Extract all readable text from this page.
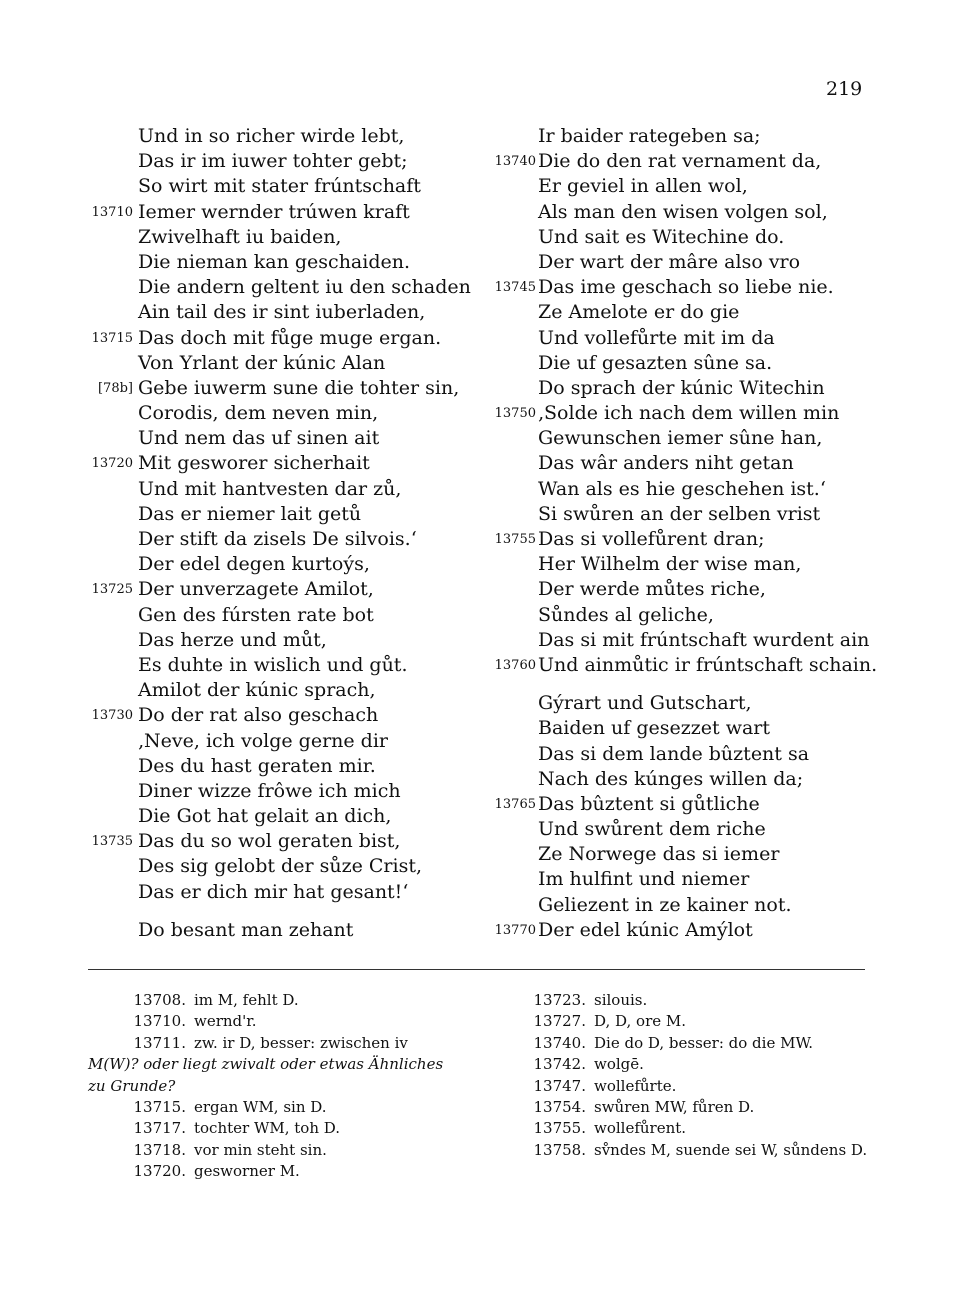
219
Und in so richer wirde lebt,
Das ir im iuwer tohter gebt;
So wirt mit stater frúntschaft
13710 Iemer wernder trúwen kraft
Zwivelhaft iu baiden,
Die nieman kan geschaiden.
Die andern geltent iu den schaden
Ain tail des ir sint iuberladen,
13715 Das doch mit fůge muge ergan.
Von Yrlant der kúnic Alan
[78b] Gebe iuwerm sune die tohter sin,
Corodis, dem neven min,
Und nem das uf sinen ait
13720 Mit gesworer sicherhait
Und mit hantvesten dar zů,
Das er niemer lait getů
Der stift da zisels De silvois.‘
Der edel degen kurtoýs,
13725 Der unverzagete Amilot,
Gen des fúrsten rate bot
Das herze und můt,
Es duhte in wislich und gůt.
Amilot der kúnic sprach,
13730 Do der rat also geschach
‚Neve, ich volge gerne dir
Des du hast geraten mir.
Diner wizze frôwe ich mich
Die Got hat gelait an dich,
13735 Das du so wol geraten bist,
Des sig gelobt der sůze Crist,
Das er dich mir hat gesant!‘
Do besant man zehant
Ir baider rategeben sa;
13740 Die do den rat vernament da,
Er geviel in allen wol,
Als man den wisen volgen sol,
Und sait es Witechine do.
Der wart der mâre also vro
13745 Das ime geschach so liebe nie.
Ze Amelote er do gie
Und vollefůrte mit im da
Die uf gesazten sûne sa.
Do sprach der kúnic Witechin
13750 ‚Solde ich nach dem willen min
Gewunschen iemer sûne han,
Das wâr anders niht getan
Wan als es hie geschehen ist.‘
Si swůren an der selben vrist
13755 Das si vollefůrent dran;
Her Wilhelm der wise man,
Der werde můtes riche,
Sůndes al geliche,
Das si mit frúntschaft wurdent ain
13760 Und ainmůtic ir frúntschaft schain.
Gýrart und Gutschart,
Baiden uf gesezzet wart
Das si dem lande bûztent sa
Nach des kúnges willen da;
13765 Das bûztent si gůtliche
Und swůrent dem riche
Ze Norwege das si iemer
Im hulfint und niemer
Geliezent in ze kainer not.
13770 Der edel kúnic Amýlot
13708. im M, fehlt D.
13710. wernd'r.
13711. zw. ir D, besser: zwischen iv
M(W)? oder liegt zwivalt oder etwas Ähnliches
zu Grunde?
13715. ergan WM, sin D.
13717. tochter WM, toh D.
13718. vor min steht sin.
13720. gesworner M.
13723. silouis.
13727. D, D, ore M.
13740. Die do D, besser: do die MW.
13742. wolgē.
13747. wollefůrte.
13754. swůren MW, fůren D.
13755. wollefůrent.
13758. sv̊ndes M, suende sei W, sůndens D.
